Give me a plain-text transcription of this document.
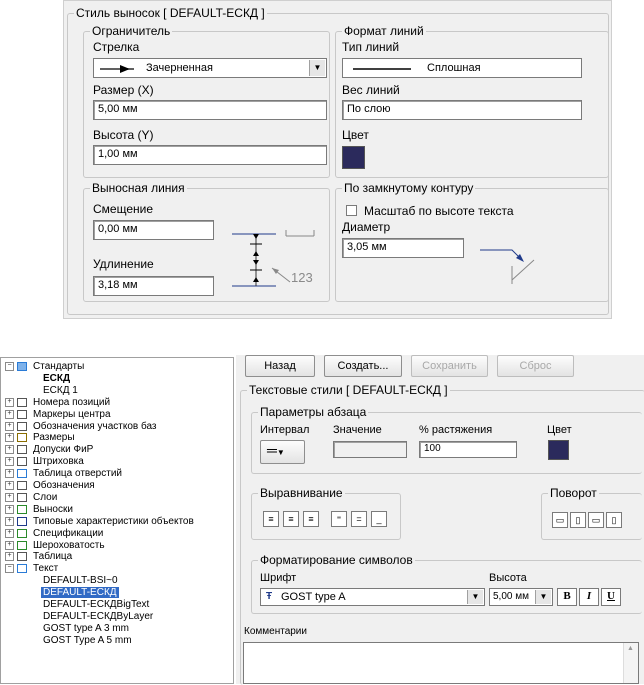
Стиль выносок [ DEFAULT-ЕСКД ]
Ограничитель
Стрелка
Зачерненная	▼
Размер (X)
5,00 мм
Высота (Y)
1,00 мм
Формат линий
Тип линий
Сплошная
Вес линий
По слою
Цвет
Выносная линия
Смещение
0,00 мм
Удлинение
3,18 мм	123
По замкнутому контуру
Масштаб по высоте текста
Диаметр
3,05 мм
− Стандарты
ЕСКД
ЕСКД 1
+ Номера позиций
+ Маркеры центра
+ Обозначения участков баз
+ Размеры
+ Допуски ФиР
+ Штриховка
+ Таблица отверстий
+ Обозначения
+ Слои
+ Выноски
+ Типовые характеристики объектов
+ Спецификации
+ Шероховатость
+ Таблица
− Текст
DEFAULT-BSI~0
DEFAULT-ЕСКД
DEFAULT-ЕСКДBigText
DEFAULT-ЕСКДByLayer
GOST type A 3 mm
GOST Type A 5 mm
Назад	Создать...	Сохранить	Сброс
Текстовые стили [ DEFAULT-ЕСКД ]
Параметры абзаца
Интервал
═▼
Значение	% растяжения
100
Цвет
Выравнивание
≡	≡	≡	⁼	=	_
Поворот
▭	▯	▭	▯
Форматирование символов
Шрифт
Ŧ GOST type A	▼
Высота
5,00 мм	▼	B	I	U
Комментарии
▲
